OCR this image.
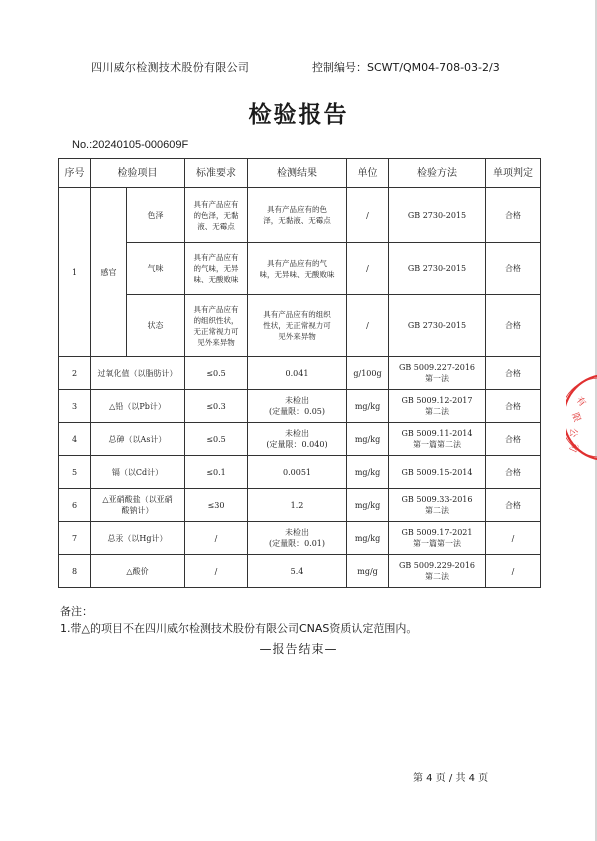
四川威尔检测技术股份有限公司	控制编号：SCWT/QM04-708-03-2/3
检验报告
No.:20240105-000609F
序号	检验项目		标准要求	检测结果	单位	检验方法	单项判定
1	感官	色泽	具有产品应有
的色泽，无黏
液、无霉点	具有产品应有的色
泽，无黏液、无霉点	/	GB 2730-2015	合格
		气味	具有产品应有
的气味，无异
味、无酸败味	具有产品应有的气
味，无异味、无酸败味	/	GB 2730-2015	合格
		状态	具有产品应有
的组织性状，
无正常视力可
见外来异物	具有产品应有的组织
性状，无正常视力可
见外来异物	/	GB 2730-2015	合格
2	过氧化值（以脂肪计）		≤0.5	0.041	g/100g	GB 5009.227-2016
第一法	合格
3	△铅（以Pb计）		≤0.3	未检出
(定量限：0.05)	mg/kg	GB 5009.12-2017
第二法	合格
4	总砷（以As计）		≤0.5	未检出
(定量限：0.040)	mg/kg	GB 5009.11-2014
第一篇第二法	合格
5	镉（以Cd计）		≤0.1	0.0051	mg/kg	GB 5009.15-2014	合格
6	△亚硝酸盐（以亚硝
酸钠计）		≤30	1.2	mg/kg	GB 5009.33-2016
第二法	合格
7	总汞（以Hg计）		/	未检出
(定量限：0.01)	mg/kg	GB 5009.17-2021
第一篇第一法	/
8	△酸价		/	5.4	mg/g	GB 5009.229-2016
第二法	/
备注：
1.带△的项目不在四川威尔检测技术股份有限公司CNAS资质认定范围内。
—报告结束—
第 4 页 / 共 4 页
有
限
公
司
